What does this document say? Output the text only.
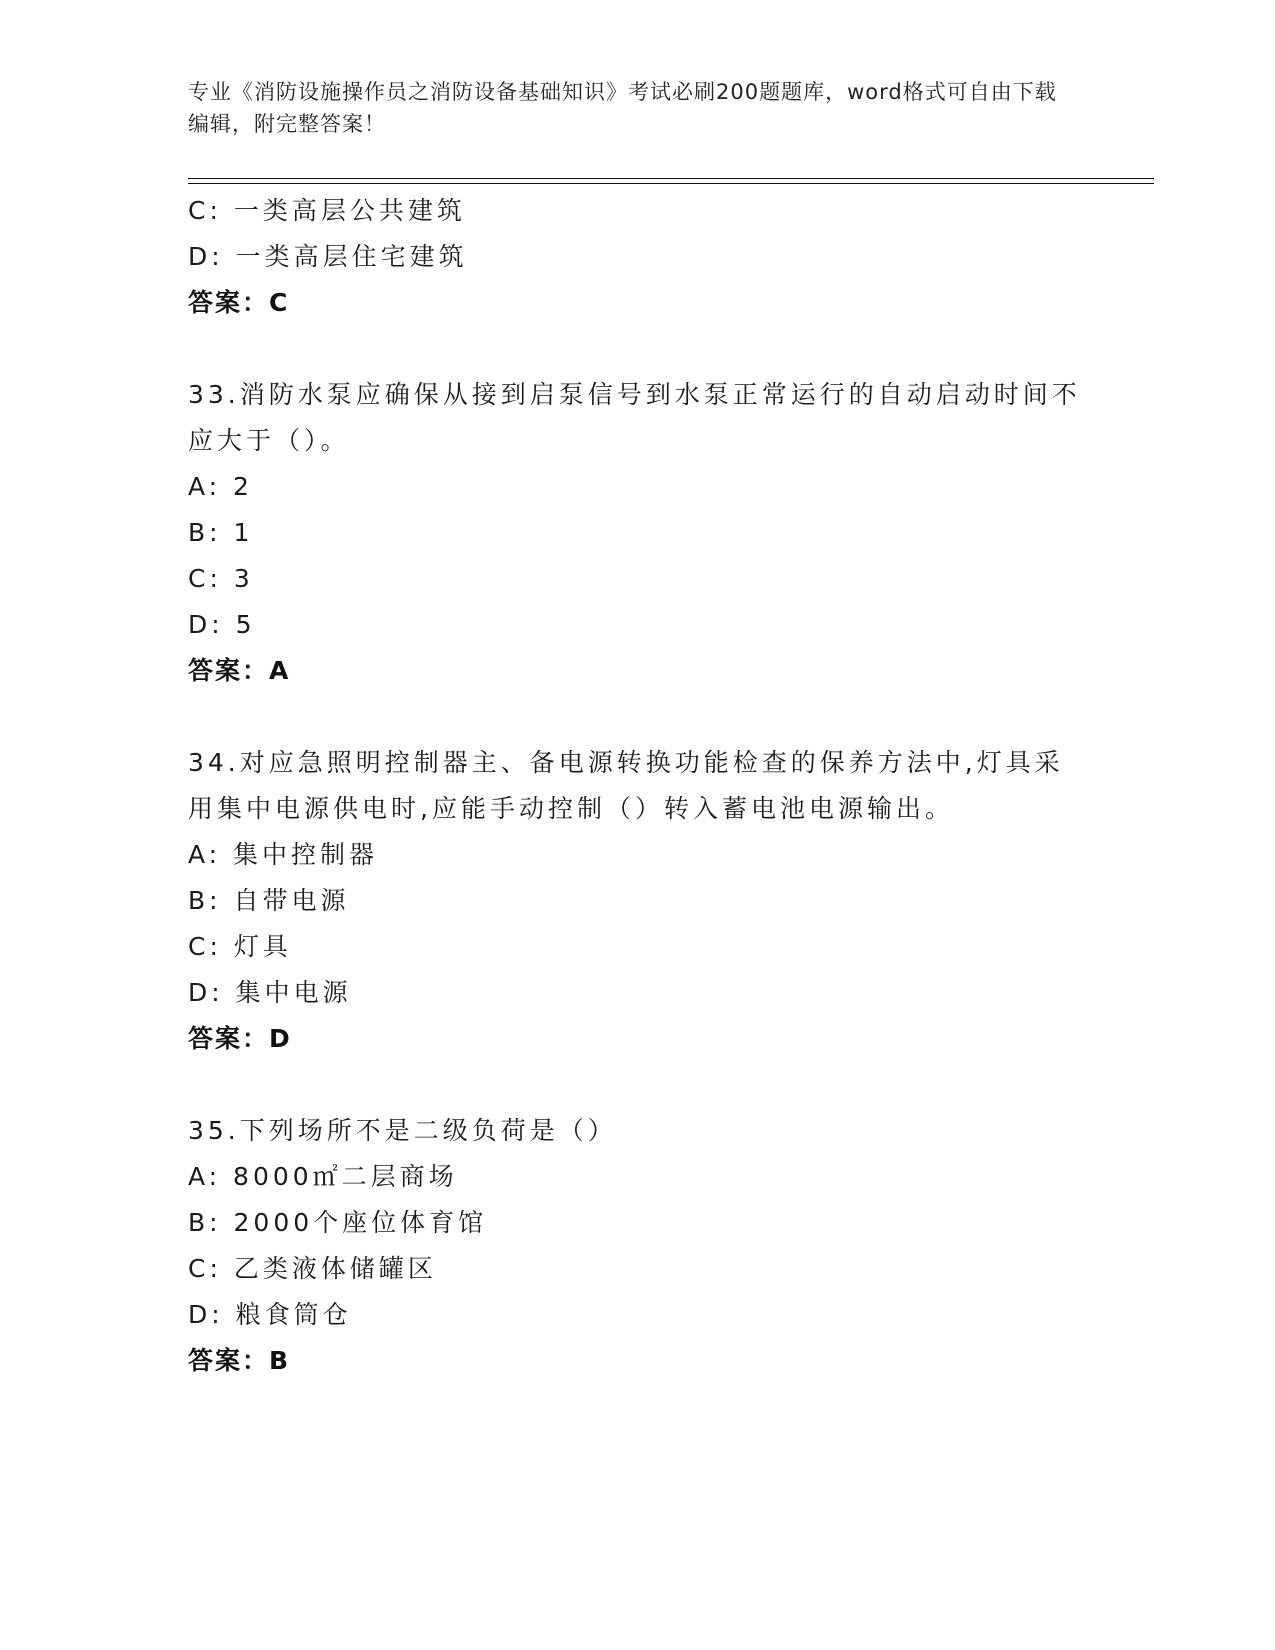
专业《消防设施操作员之消防设备基础知识》考试必刷200题题库，word格式可自由下载编辑，附完整答案！
C: 一类高层公共建筑
D: 一类高层住宅建筑
答案：C
33.消防水泵应确保从接到启泵信号到水泵正常运行的自动启动时间不
应大于（）。
A: 2
B: 1
C: 3
D: 5
答案：A
34.对应急照明控制器主、备电源转换功能检查的保养方法中,灯具采
用集中电源供电时,应能手动控制（）转入蓄电池电源输出。
A: 集中控制器
B: 自带电源
C: 灯具
D: 集中电源
答案：D
35.下列场所不是二级负荷是（）
A: 8000㎡二层商场
B: 2000个座位体育馆
C: 乙类液体储罐区
D: 粮食筒仓
答案：B
